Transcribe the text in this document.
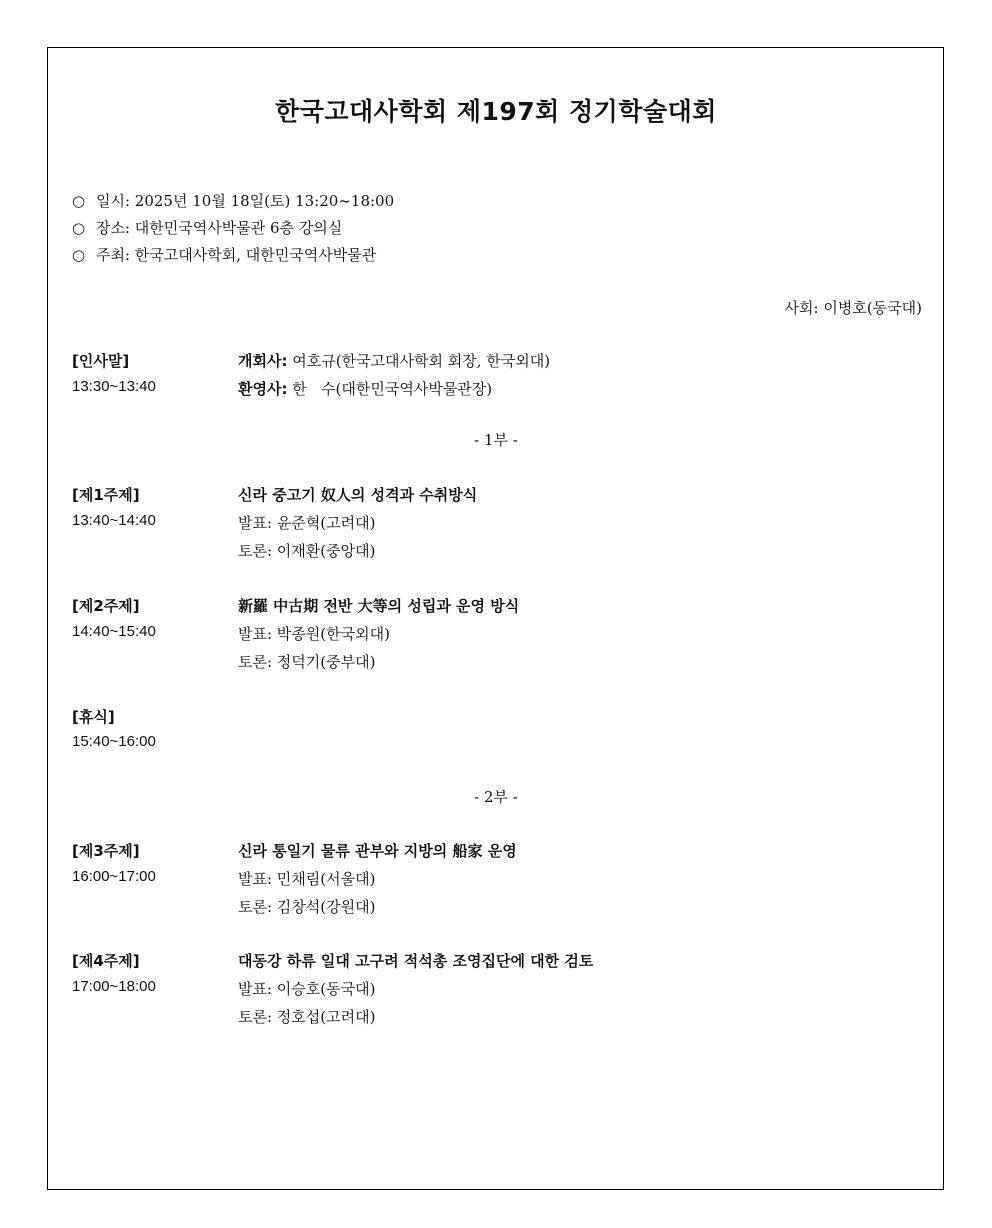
한국고대사학회 제197회 정기학술대회
○ 일시: 2025년 10월 18일(토) 13:20~18:00
○ 장소: 대한민국역사박물관 6층 강의실
○ 주최: 한국고대사학회, 대한민국역사박물관
사회: 이병호(동국대)
[인사말]
13:30~13:40
개회사: 여호규(한국고대사학회 회장, 한국외대)
환영사: 한   수(대한민국역사박물관장)
- 1부 -
[제1주제]
13:40~14:40
신라 중고기 奴人의 성격과 수취방식
발표: 윤준혁(고려대)
토론: 이재환(중앙대)
[제2주제]
14:40~15:40
新羅 中古期 전반 大等의 성립과 운영 방식
발표: 박종원(한국외대)
토론: 정덕기(중부대)
[휴식]
15:40~16:00
- 2부 -
[제3주제]
16:00~17:00
신라 통일기 물류 관부와 지방의 船家 운영
발표: 민채림(서울대)
토론: 김창석(강원대)
[제4주제]
17:00~18:00
대동강 하류 일대 고구려 적석총 조영집단에 대한 검토
발표: 이승호(동국대)
토론: 정호섭(고려대)
